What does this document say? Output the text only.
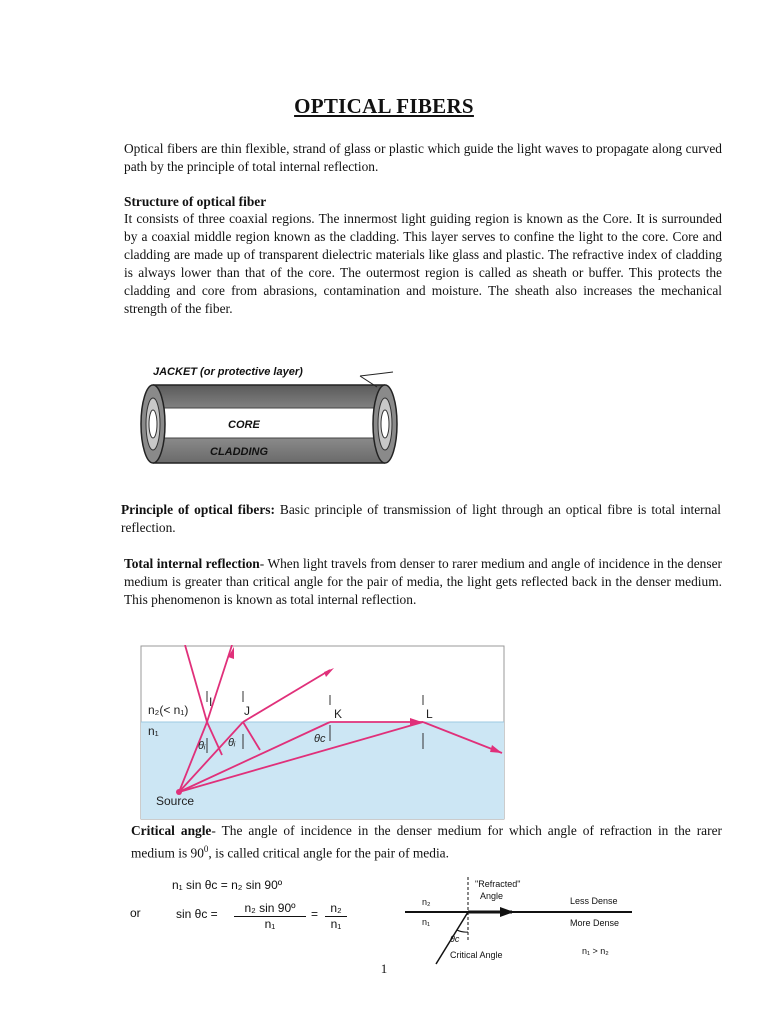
OPTICAL FIBERS
Optical fibers are thin flexible, strand of glass or plastic which guide the light waves to propagate along curved path by the principle of total internal reflection.
Structure of optical fiber
It consists of three coaxial regions. The innermost light guiding region is known as the Core. It is surrounded by a coaxial middle region known as the cladding. This layer serves to confine the light to the core. Core and cladding are made up of transparent dielectric materials like glass and plastic. The refractive index of cladding is always lower than that of the core. The outermost region is called as sheath or buffer. This protects the cladding and core from abrasions, contamination and moisture. The sheath also increases the mechanical strength of the fiber.
JACKET (or protective layer)
CORE
CLADDING
Principle of optical fibers: Basic principle of transmission of light through an optical fibre is total internal reflection.
Total internal reflection- When light travels from denser to rarer medium and angle of incidence in the denser medium is greater than critical angle for the pair of media, the light gets reflected back in the denser medium. This phenomenon is known as total internal reflection.
n₂(< n₁)
n₁
I
J	K	L
θᵢ θᵢ	θc
Source
Critical angle- The angle of incidence in the denser medium for which angle of refraction in the rarer medium is $90^0$, is called critical angle for the pair of media.
n₁ sin θc = n₂ sin 90º
or	$\sin \theta c = \frac{\text{n₂ sin 90º}}{\text{n₁}} = \frac{\text{n₂}}{\text{n₁}}$
"Refracted"
Angle	Less Dense
More Dense
n₂
n₁
θc
Critical Angle	n₁ > n₂
1
